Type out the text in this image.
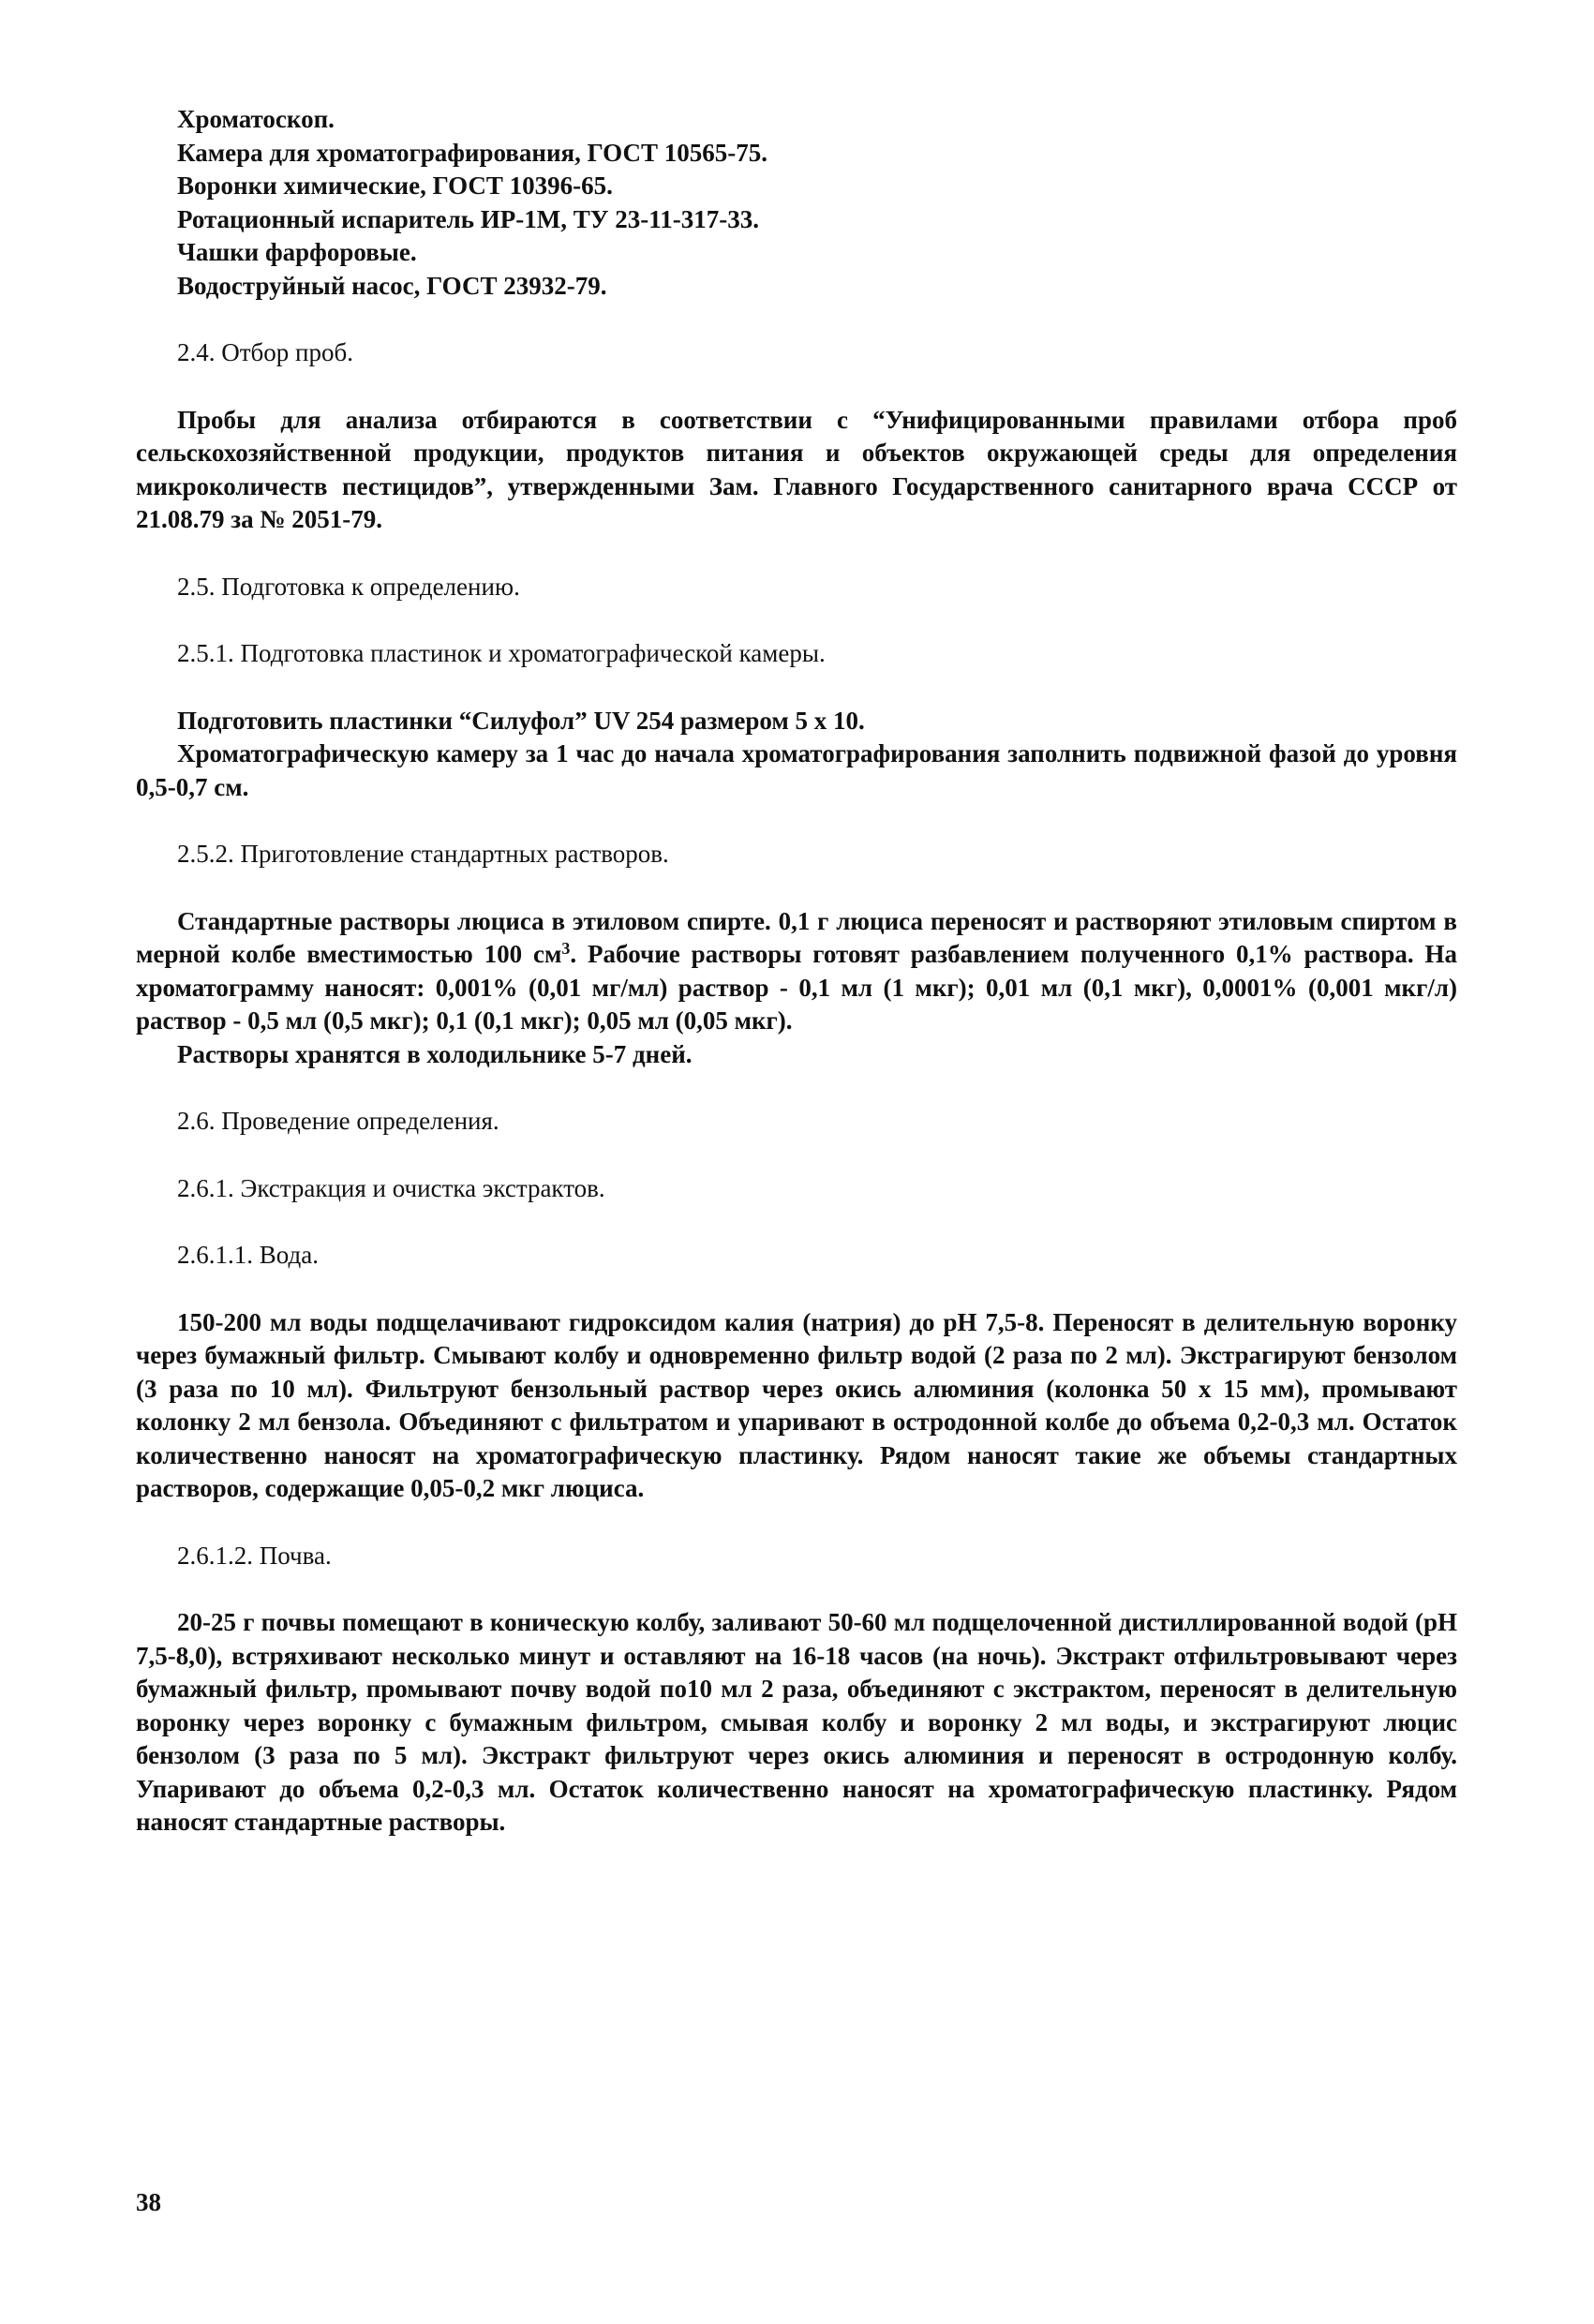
Хроматоскоп.
Камера для хроматографирования, ГОСТ 10565-75.
Воронки химические, ГОСТ 10396-65.
Ротационный испаритель ИР-1М, ТУ 23-11-317-33.
Чашки фарфоровые.
Водоструйный насос, ГОСТ 23932-79.
2.4. Отбор проб.
Пробы для анализа отбираются в соответствии с “Унифицированными правилами отбора проб сельскохозяйственной продукции, продуктов питания и объектов окружающей среды для определения микроколичеств пестицидов”, утвержденными Зам. Главного Государственного санитарного врача СССР от 21.08.79 за № 2051-79.
2.5. Подготовка к определению.
2.5.1. Подготовка пластинок и хроматографической камеры.
Подготовить пластинки “Силуфол” UV 254 размером 5 х 10.
Хроматографическую камеру за 1 час до начала хроматографирования заполнить подвижной фазой до уровня 0,5-0,7 см.
2.5.2. Приготовление стандартных растворов.
Стандартные растворы люциса в этиловом спирте. 0,1 г люциса переносят и растворяют этиловым спиртом в мерной колбе вместимостью 100 $см^3$. Рабочие растворы готовят разбавлением полученного 0,1% раствора. На хроматограмму наносят: 0,001% (0,01 мг/мл) раствор - 0,1 мл (1 мкг); 0,01 мл (0,1 мкг), 0,0001% (0,001 мкг/л) раствор - 0,5 мл (0,5 мкг); 0,1 (0,1 мкг); 0,05 мл (0,05 мкг).
Растворы хранятся в холодильнике 5-7 дней.
2.6. Проведение определения.
2.6.1. Экстракция и очистка экстрактов.
2.6.1.1. Вода.
150-200 мл воды подщелачивают гидроксидом калия (натрия) до pH 7,5-8. Переносят в делительную воронку через бумажный фильтр. Смывают колбу и одновременно фильтр водой (2 раза по 2 мл). Экстрагируют бензолом (3 раза по 10 мл). Фильтруют бензольный раствор через окись алюминия (колонка 50 х 15 мм), промывают колонку 2 мл бензола. Объединяют с фильтратом и упаривают в остродонной колбе до объема 0,2-0,3 мл. Остаток количественно наносят на хроматографическую пластинку. Рядом наносят такие же объемы стандартных растворов, содержащие 0,05-0,2 мкг люциса.
2.6.1.2. Почва.
20-25 г почвы помещают в коническую колбу, заливают 50-60 мл подщелоченной дистиллированной водой (pH 7,5-8,0), встряхивают несколько минут и оставляют на 16-18 часов (на ночь). Экстракт отфильтровывают через бумажный фильтр, промывают почву водой по10 мл 2 раза, объединяют с экстрактом, переносят в делительную воронку через воронку с бумажным фильтром, смывая колбу и воронку 2 мл воды, и экстрагируют люцис бензолом (3 раза по 5 мл). Экстракт фильтруют через окись алюминия и переносят в остродонную колбу. Упаривают до объема 0,2-0,3 мл. Остаток количественно наносят на хроматографическую пластинку. Рядом наносят стандартные растворы.
38
